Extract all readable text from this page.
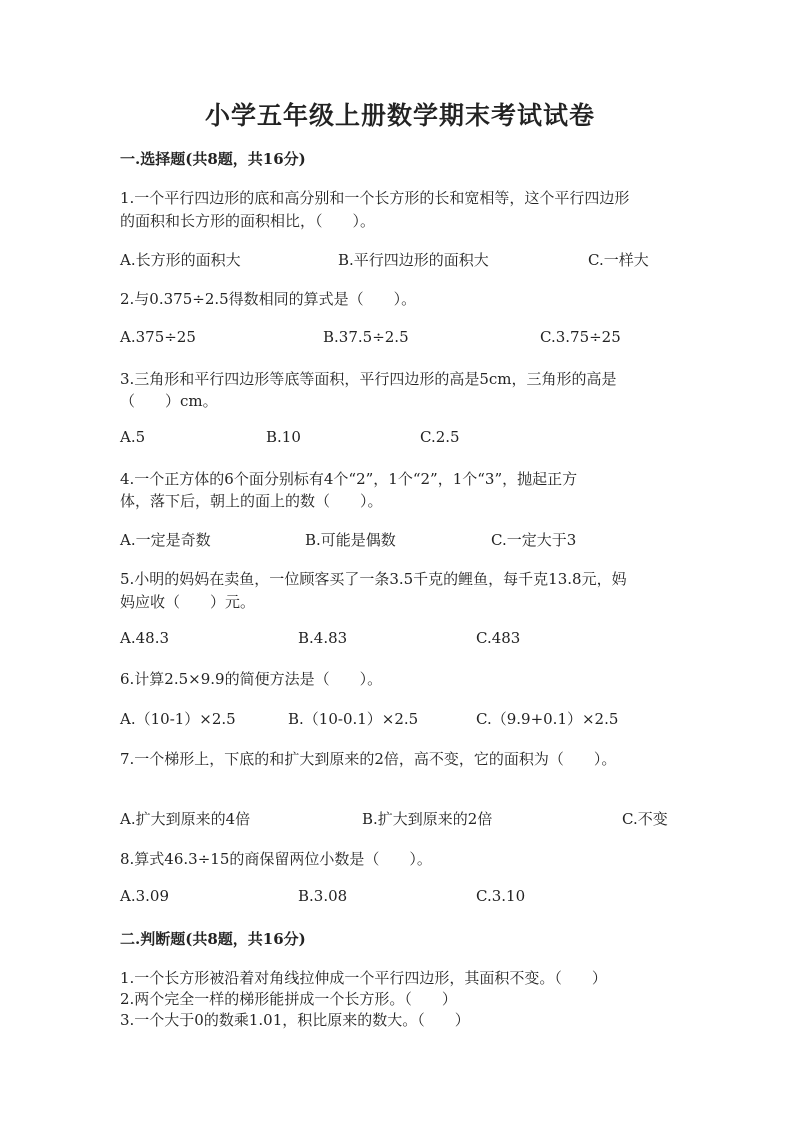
小学五年级上册数学期末考试试卷
一.选择题(共8题，共16分)
1.一个平行四边形的底和高分别和一个长方形的长和宽相等，这个平行四边形
的面积和长方形的面积相比，（　　）。
A.长方形的面积大	B.平行四边形的面积大	C.一样大
2.与0.375÷2.5得数相同的算式是（　　）。
A.375÷25	B.37.5÷2.5	C.3.75÷25
3.三角形和平行四边形等底等面积，平行四边形的高是5cm，三角形的高是
（　　）cm。
A.5	B.10	C.2.5
4.一个正方体的6个面分别标有4个“2”，1个“2”，1个“3”，抛起正方
体，落下后，朝上的面上的数（　　）。
A.一定是奇数	B.可能是偶数	C.一定大于3
5.小明的妈妈在卖鱼，一位顾客买了一条3.5千克的鲤鱼，每千克13.8元，妈
妈应收（　　）元。
A.48.3	B.4.83	C.483
6.计算2.5×9.9的简便方法是（　　）。
A.（10-1）×2.5	B.（10-0.1）×2.5	C.（9.9+0.1）×2.5
7.一个梯形上，下底的和扩大到原来的2倍，高不变，它的面积为（　　）。
A.扩大到原来的4倍	B.扩大到原来的2倍	C.不变
8.算式46.3÷15的商保留两位小数是（　　）。
A.3.09	B.3.08	C.3.10
二.判断题(共8题，共16分)
1.一个长方形被沿着对角线拉伸成一个平行四边形，其面积不变。（　　）
2.两个完全一样的梯形能拼成一个长方形。（　　）
3.一个大于0的数乘1.01，积比原来的数大。（　　）
